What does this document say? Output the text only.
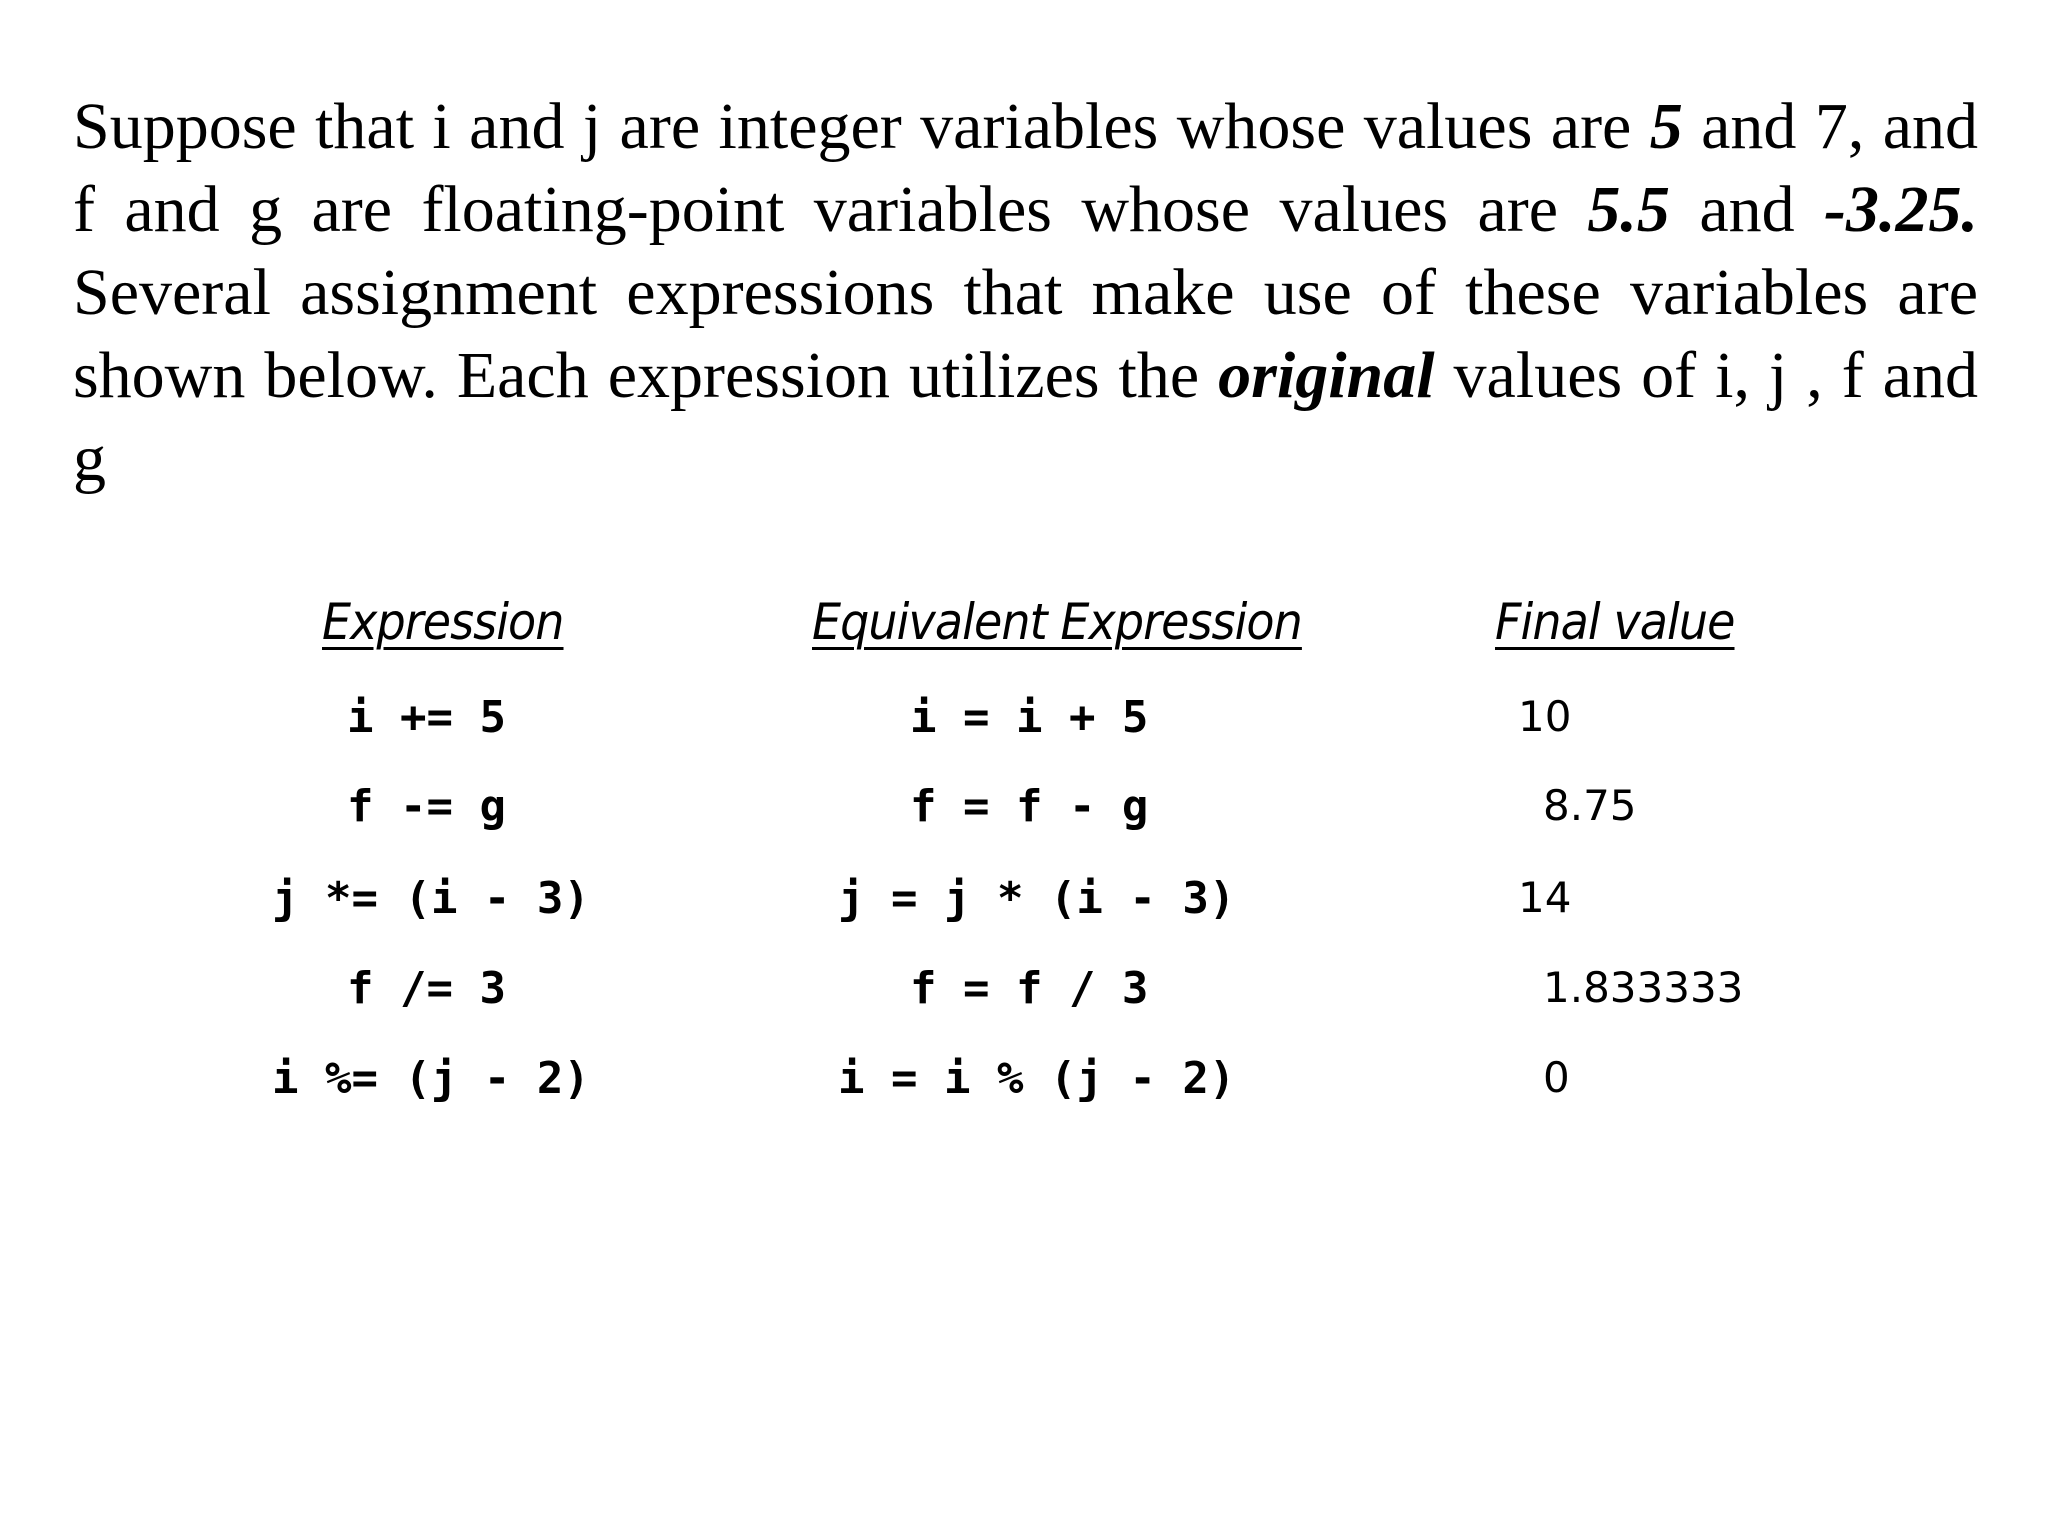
Suppose that i and j are integer variables whose values are 5 and 7, and f and g are floating-point variables whose values are 5.5 and -3.25. Several assignment expressions that make use of these variables are shown below. Each expression utilizes the original values of i, j , f and g

Expression	Equivalent Expression	Final value
i += 5	i = i + 5	10
f -= g	f = f - g	8.75
j *= (i - 3)	j = j * (i - 3)	14
f /= 3	f = f / 3	1.833333
i %= (j - 2)	i = i % (j - 2)	0
